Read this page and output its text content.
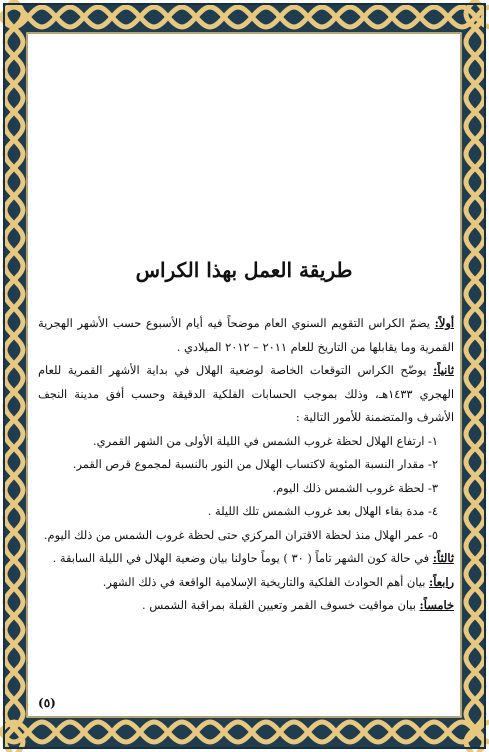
طريقة العمل بهذا الكراس

أولاً: يضمّ الكراس التقويم السنوي العام موضحاً فيه أيام الأسبوع حسب الأشهر الهجرية القمرية وما يقابلها من التاريخ للعام ٢٠١١ – ٢٠١٢ الميلادي .

ثانياً: يوضّح الكراس التوقعات الخاصة لوضعية الهلال في بداية الأشهر القمرية للعام الهجري ١٤٣٣هـ، وذلك بموجب الحسابات الفلكية الدقيقة وحسب أفق مدينة النجف الأشرف والمتضمنة للأمور التالية :

١- ارتفاع الهلال لحظة غروب الشمس في الليلة الأولى من الشهر القمري.

٢- مقدار النسبة المئوية لاكتساب الهلال من النور بالنسبة لمجموع قرص القمر.

٣- لحظة غروب الشمس ذلك اليوم.

٤- مدة بقاء الهلال بعد غروب الشمس تلك الليلة .

٥- عمر الهلال منذ لحظة الاقتران المركزي حتى لحظة غروب الشمس من ذلك اليوم.

ثالثاً: في حالة كون الشهر تاماً ( ٣٠ ) يوماً حاولنا بيان وضعية الهلال في الليلة السابقة .

رابعاً: بيان أهم الحوادث الفلكية والتاريخية الإسلامية الواقعة في ذلك الشهر.

خامساً: بيان مواقيت خسوف القمر وتعيين القبلة بمراقبة الشمس .

(٥)
